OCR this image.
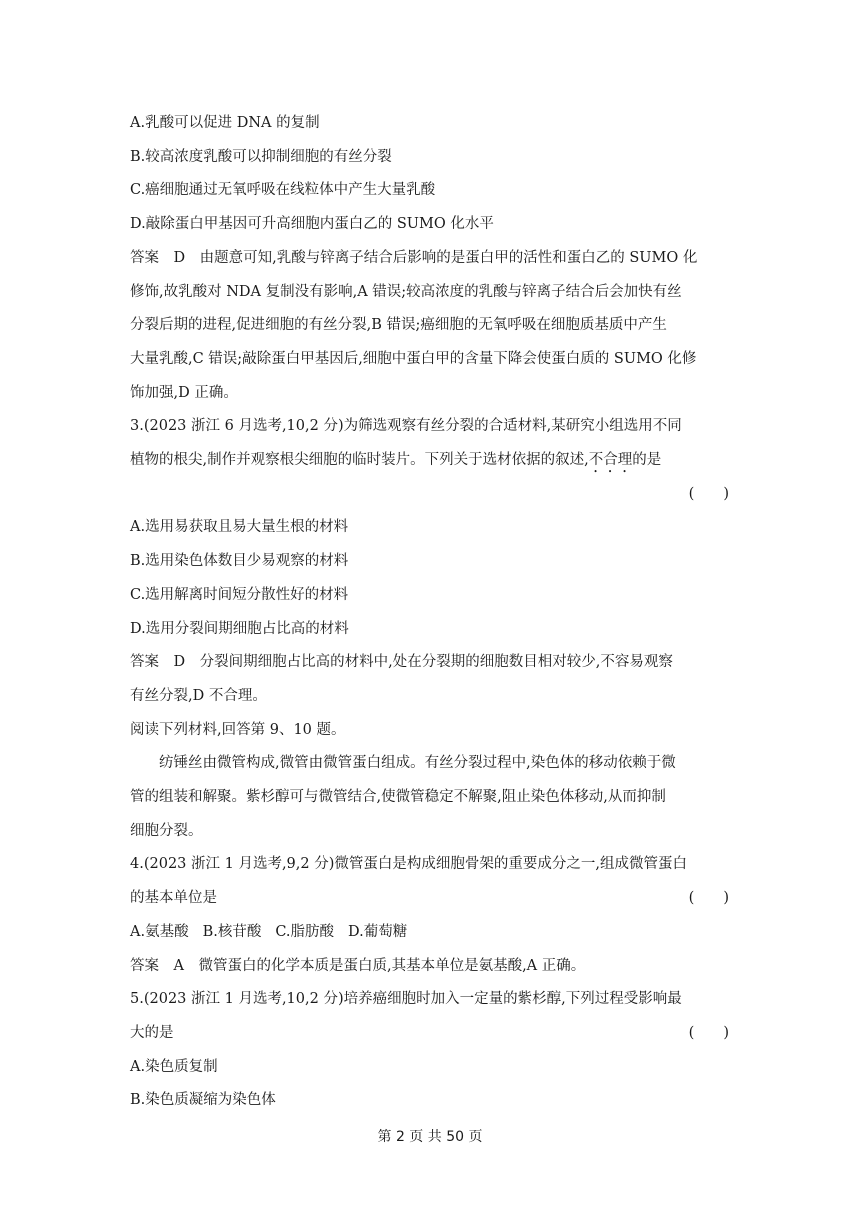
A.乳酸可以促进 DNA 的复制
B.较高浓度乳酸可以抑制细胞的有丝分裂
C.癌细胞通过无氧呼吸在线粒体中产生大量乳酸
D.敲除蛋白甲基因可升高细胞内蛋白乙的 SUMO 化水平
答案　D　由题意可知,乳酸与锌离子结合后影响的是蛋白甲的活性和蛋白乙的 SUMO 化
修饰,故乳酸对 NDA 复制没有影响,A 错误;较高浓度的乳酸与锌离子结合后会加快有丝
分裂后期的进程,促进细胞的有丝分裂,B 错误;癌细胞的无氧呼吸在细胞质基质中产生
大量乳酸,C 错误;敲除蛋白甲基因后,细胞中蛋白甲的含量下降会使蛋白质的 SUMO 化修
饰加强,D 正确。
3.(2023 浙江 6 月选考,10,2 分)为筛选观察有丝分裂的合适材料,某研究小组选用不同
植物的根尖,制作并观察根尖细胞的临时装片。下列关于选材依据的叙述,不合理的是
(　　)
A.选用易获取且易大量生根的材料
B.选用染色体数目少易观察的材料
C.选用解离时间短分散性好的材料
D.选用分裂间期细胞占比高的材料
答案　D　分裂间期细胞占比高的材料中,处在分裂期的细胞数目相对较少,不容易观察
有丝分裂,D 不合理。
阅读下列材料,回答第 9、10 题。
纺锤丝由微管构成,微管由微管蛋白组成。有丝分裂过程中,染色体的移动依赖于微
管的组装和解聚。紫杉醇可与微管结合,使微管稳定不解聚,阻止染色体移动,从而抑制
细胞分裂。
4.(2023 浙江 1 月选考,9,2 分)微管蛋白是构成细胞骨架的重要成分之一,组成微管蛋白
的基本单位是	(　　)
A.氨基酸 B.核苷酸 C.脂肪酸 D.葡萄糖
答案　A　微管蛋白的化学本质是蛋白质,其基本单位是氨基酸,A 正确。
5.(2023 浙江 1 月选考,10,2 分)培养癌细胞时加入一定量的紫杉醇,下列过程受影响最
大的是	(　　)
A.染色质复制
B.染色质凝缩为染色体
第 2 页 共 50 页
